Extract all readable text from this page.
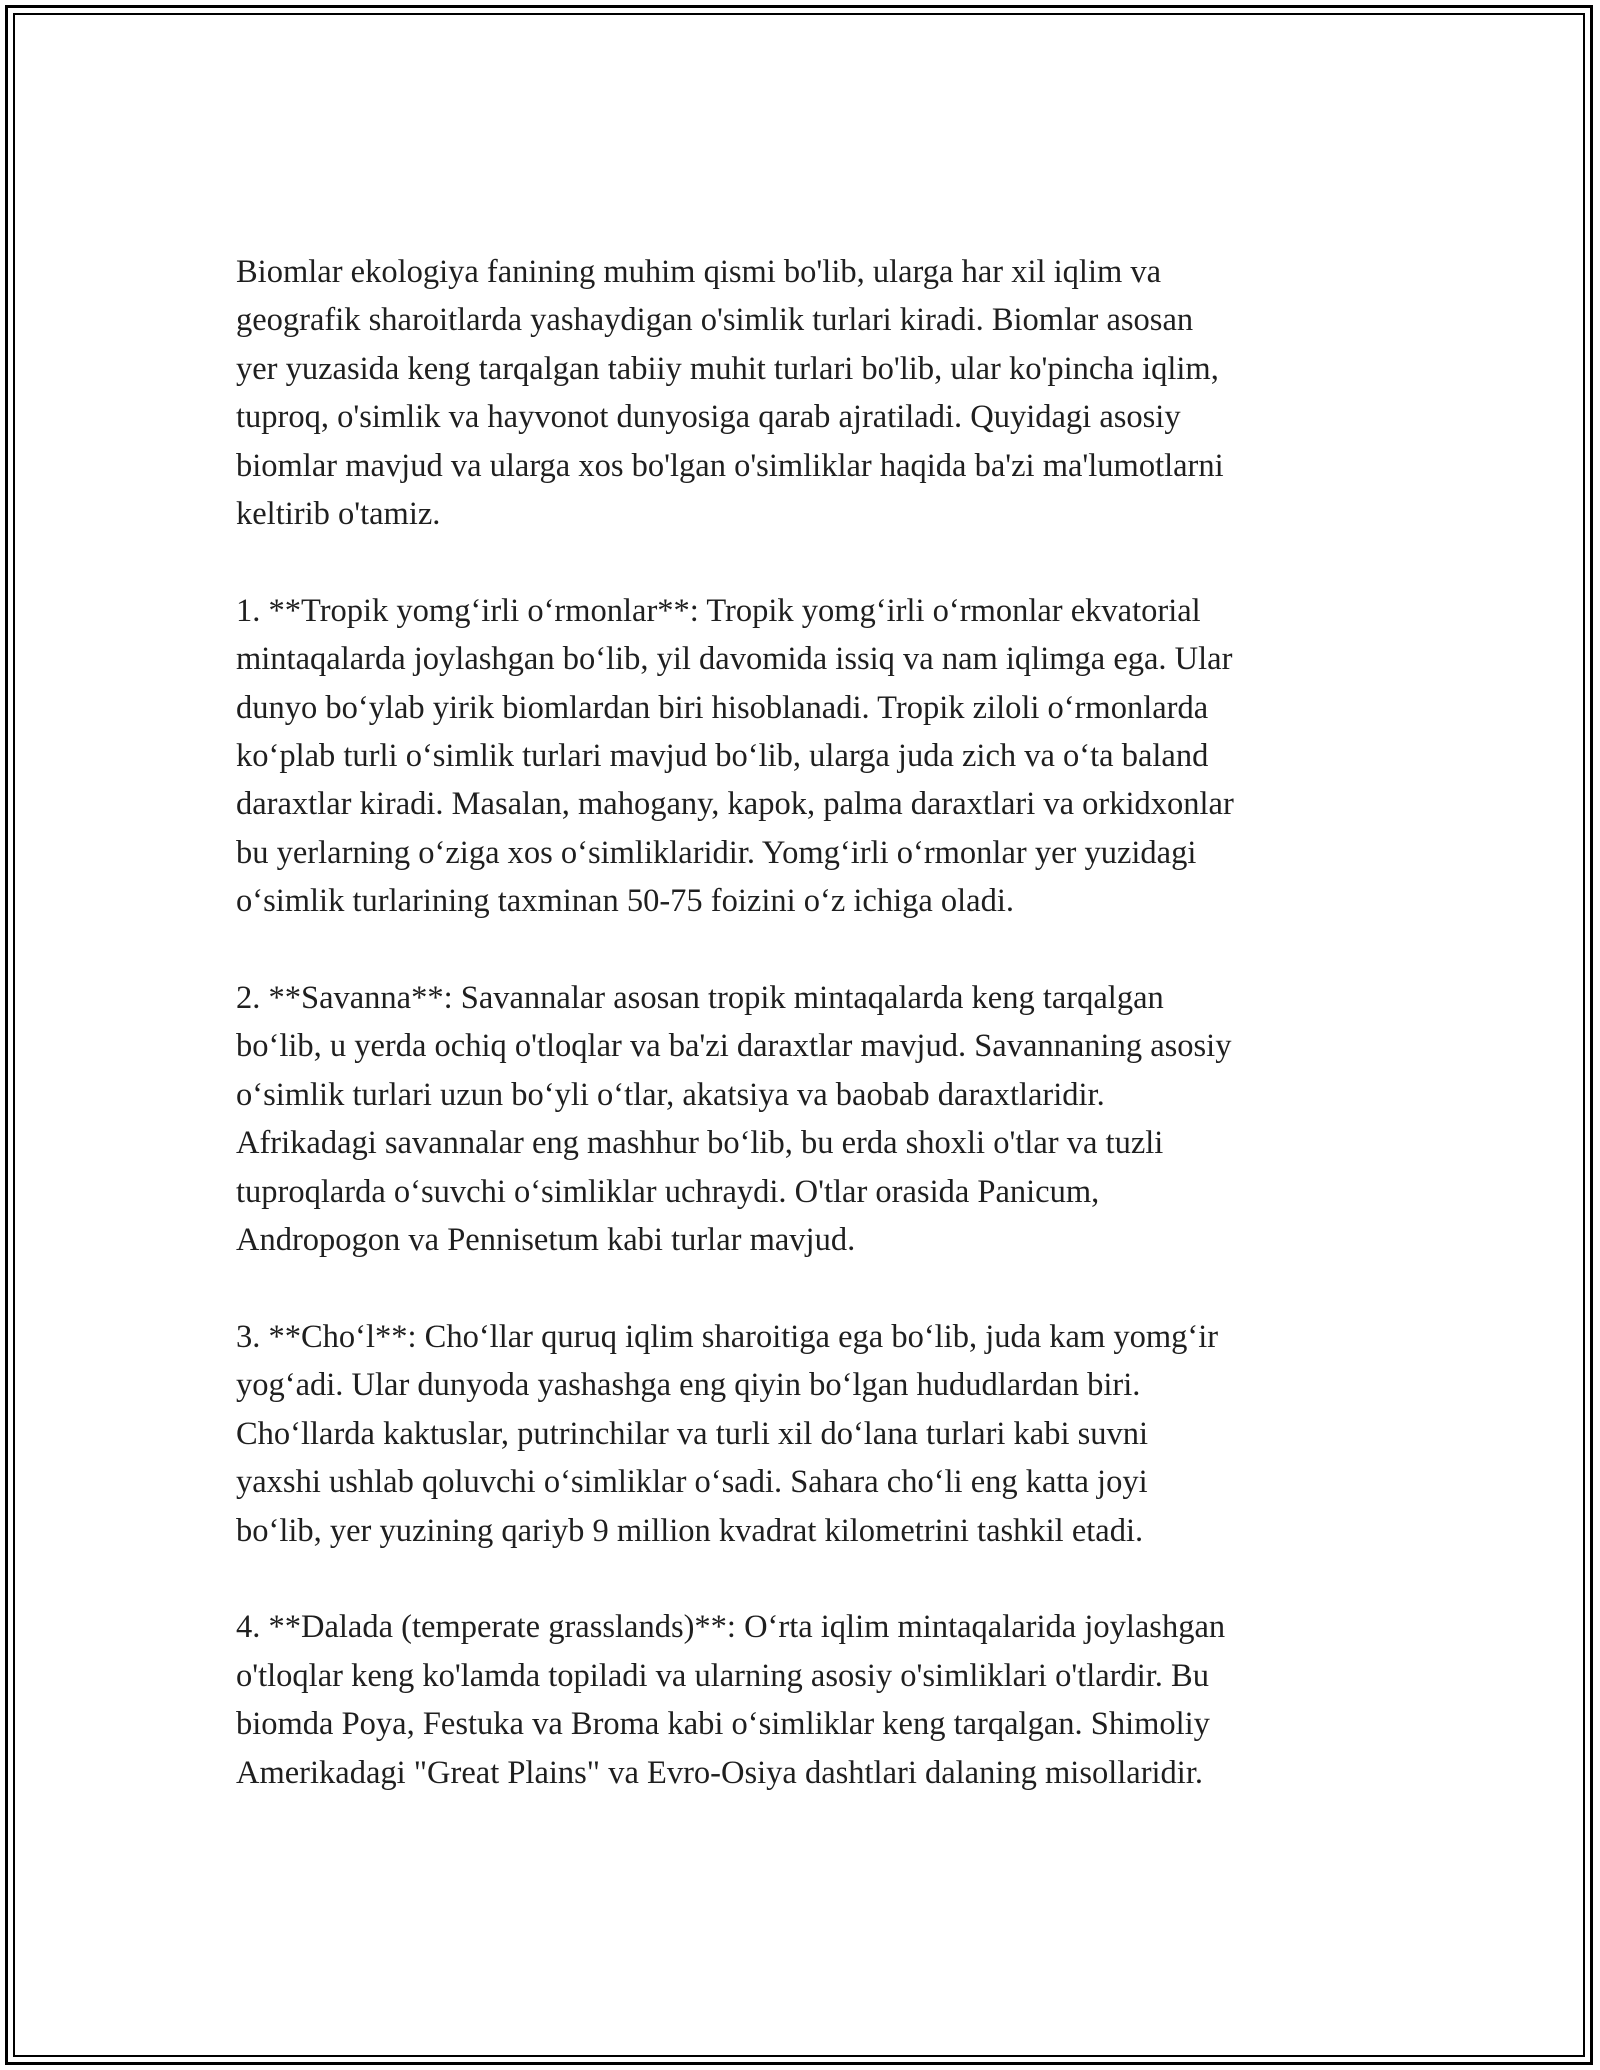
Biomlar ekologiya fanining muhim qismi bo'lib, ularga har xil iqlim va
geografik sharoitlarda yashaydigan o'simlik turlari kiradi. Biomlar asosan
yer yuzasida keng tarqalgan tabiiy muhit turlari bo'lib, ular ko'pincha iqlim,
tuproq, o'simlik va hayvonot dunyosiga qarab ajratiladi. Quyidagi asosiy
biomlar mavjud va ularga xos bo'lgan o'simliklar haqida ba'zi ma'lumotlarni
keltirib o'tamiz.

1. **Tropik yomg‘irli o‘rmonlar**: Tropik yomg‘irli o‘rmonlar ekvatorial
mintaqalarda joylashgan bo‘lib, yil davomida issiq va nam iqlimga ega. Ular
dunyo bo‘ylab yirik biomlardan biri hisoblanadi. Tropik ziloli o‘rmonlarda
ko‘plab turli o‘simlik turlari mavjud bo‘lib, ularga juda zich va o‘ta baland
daraxtlar kiradi. Masalan, mahogany, kapok, palma daraxtlari va orkidxonlar
bu yerlarning o‘ziga xos o‘simliklaridir. Yomg‘irli o‘rmonlar yer yuzidagi
o‘simlik turlarining taxminan 50-75 foizini o‘z ichiga oladi.

2. **Savanna**: Savannalar asosan tropik mintaqalarda keng tarqalgan
bo‘lib, u yerda ochiq o'tloqlar va ba'zi daraxtlar mavjud. Savannaning asosiy
o‘simlik turlari uzun bo‘yli o‘tlar, akatsiya va baobab daraxtlaridir.
Afrikadagi savannalar eng mashhur bo‘lib, bu erda shoxli o'tlar va tuzli
tuproqlarda o‘suvchi o‘simliklar uchraydi. O'tlar orasida Panicum,
Andropogon va Pennisetum kabi turlar mavjud.

3. **Cho‘l**: Cho‘llar quruq iqlim sharoitiga ega bo‘lib, juda kam yomg‘ir
yog‘adi. Ular dunyoda yashashga eng qiyin bo‘lgan hududlardan biri.
Cho‘llarda kaktuslar, putrinchilar va turli xil do‘lana turlari kabi suvni
yaxshi ushlab qoluvchi o‘simliklar o‘sadi. Sahara cho‘li eng katta joyi
bo‘lib, yer yuzining qariyb 9 million kvadrat kilometrini tashkil etadi.

4. **Dalada (temperate grasslands)**: O‘rta iqlim mintaqalarida joylashgan
o'tloqlar keng ko'lamda topiladi va ularning asosiy o'simliklari o'tlardir. Bu
biomda Poya, Festuka va Broma kabi o‘simliklar keng tarqalgan. Shimoliy
Amerikadagi "Great Plains" va Evro-Osiya dashtlari dalaning misollaridir.
